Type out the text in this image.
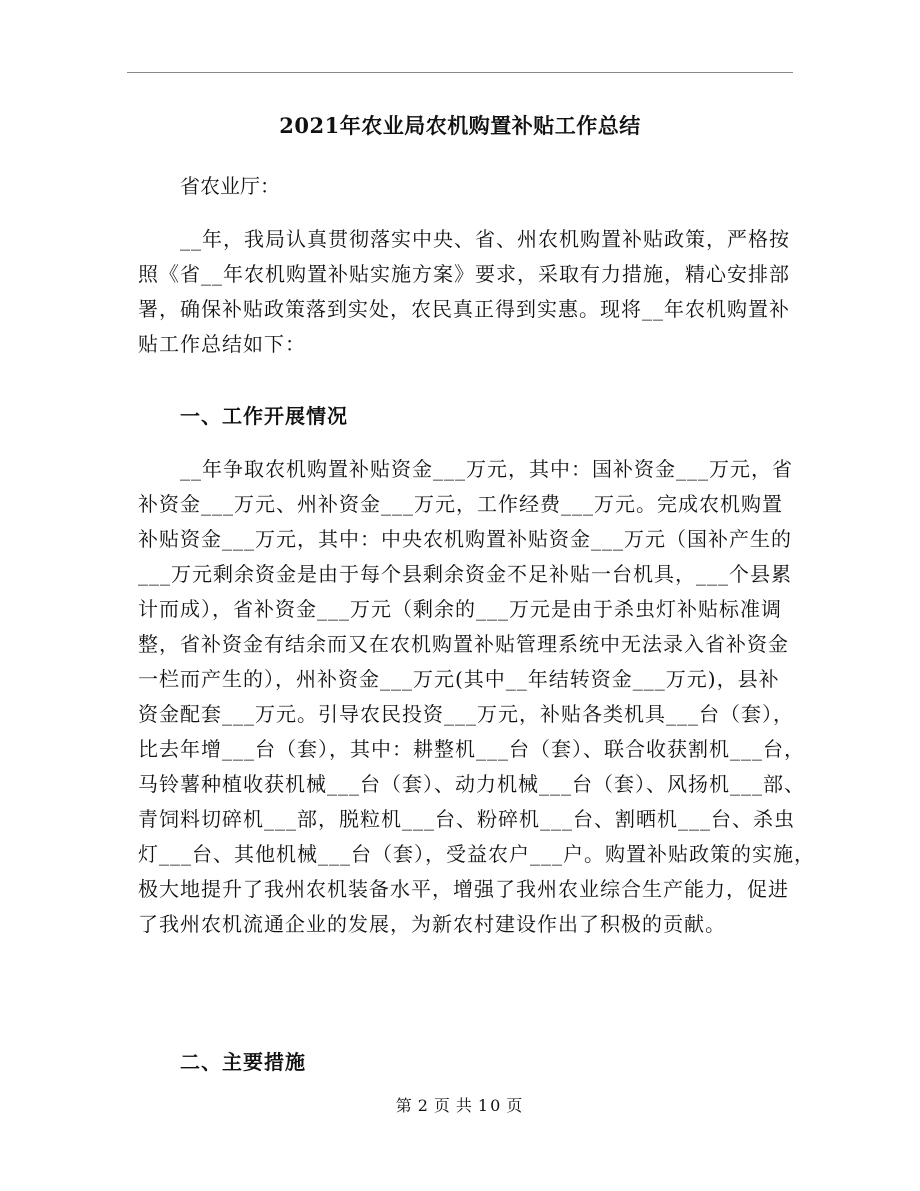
2021年农业局农机购置补贴工作总结
省农业厅：
__年，我局认真贯彻落实中央、省、州农机购置补贴政策，严格按
照《省__年农机购置补贴实施方案》要求，采取有力措施，精心安排部
署，确保补贴政策落到实处，农民真正得到实惠。现将__年农机购置补
贴工作总结如下：
一、工作开展情况
__年争取农机购置补贴资金___万元，其中：国补资金___万元，省
补资金___万元、州补资金___万元，工作经费___万元。完成农机购置
补贴资金___万元，其中：中央农机购置补贴资金___万元（国补产生的
___万元剩余资金是由于每个县剩余资金不足补贴一台机具，___个县累
计而成），省补资金___万元（剩余的___万元是由于杀虫灯补贴标准调
整，省补资金有结余而又在农机购置补贴管理系统中无法录入省补资金
一栏而产生的），州补资金___万元(其中__年结转资金___万元)，县补
资金配套___万元。引导农民投资___万元，补贴各类机具___台（套），
比去年增___台（套），其中：耕整机___台（套）、联合收获割机___台，
马铃薯种植收获机械___台（套）、动力机械___台（套）、风扬机___部、
青饲料切碎机___部，脱粒机___台、粉碎机___台、割晒机___台、杀虫
灯___台、其他机械___台（套），受益农户___户。购置补贴政策的实施，
极大地提升了我州农机装备水平，增强了我州农业综合生产能力，促进
了我州农机流通企业的发展，为新农村建设作出了积极的贡献。
二、主要措施
第 2 页 共 10 页
